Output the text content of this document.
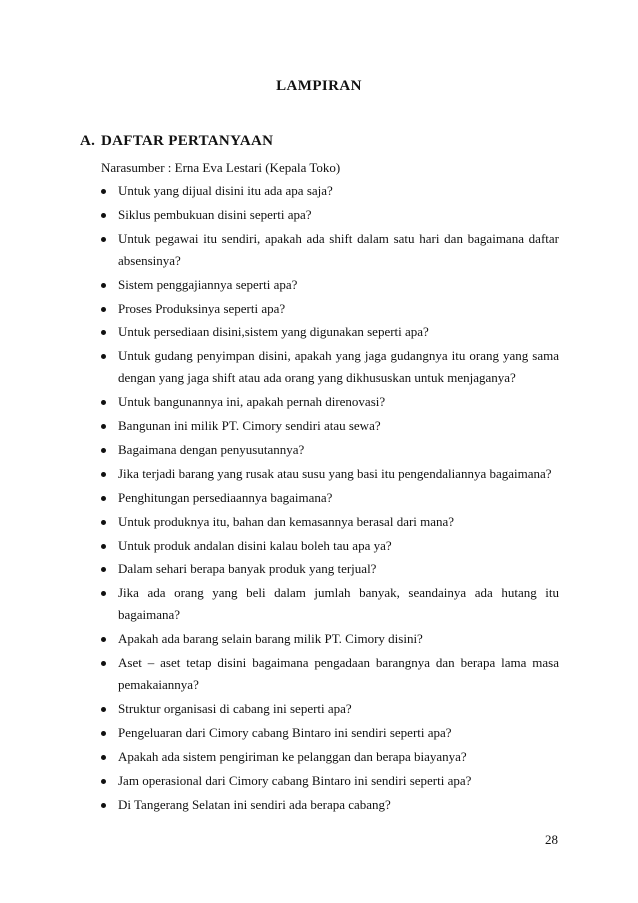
LAMPIRAN
A. DAFTAR PERTANYAAN
Narasumber : Erna Eva Lestari (Kepala Toko)
Untuk yang dijual disini itu ada apa saja?
Siklus pembukuan disini seperti apa?
Untuk pegawai itu sendiri, apakah ada shift dalam satu hari dan bagaimana daftar absensinya?
Sistem penggajiannya seperti apa?
Proses Produksinya seperti apa?
Untuk persediaan disini,sistem yang digunakan seperti apa?
Untuk gudang penyimpan disini, apakah yang jaga gudangnya itu orang yang sama dengan yang jaga shift atau ada orang yang dikhususkan untuk menjaganya?
Untuk bangunannya ini, apakah pernah direnovasi?
Bangunan ini milik PT. Cimory sendiri atau sewa?
Bagaimana dengan penyusutannya?
Jika terjadi barang yang rusak atau susu yang basi itu pengendaliannya bagaimana?
Penghitungan persediaannya bagaimana?
Untuk produknya itu, bahan dan kemasannya berasal dari mana?
Untuk produk andalan disini kalau boleh tau apa ya?
Dalam sehari berapa banyak produk yang terjual?
Jika ada orang yang beli dalam jumlah banyak, seandainya ada hutang itu bagaimana?
Apakah ada barang selain barang milik PT. Cimory disini?
Aset – aset tetap disini bagaimana pengadaan barangnya dan berapa lama masa pemakaiannya?
Struktur organisasi di cabang ini seperti apa?
Pengeluaran dari Cimory cabang Bintaro ini sendiri seperti apa?
Apakah ada sistem pengiriman ke pelanggan dan berapa biayanya?
Jam operasional dari Cimory cabang Bintaro ini sendiri seperti apa?
Di Tangerang Selatan ini sendiri ada berapa cabang?
28
